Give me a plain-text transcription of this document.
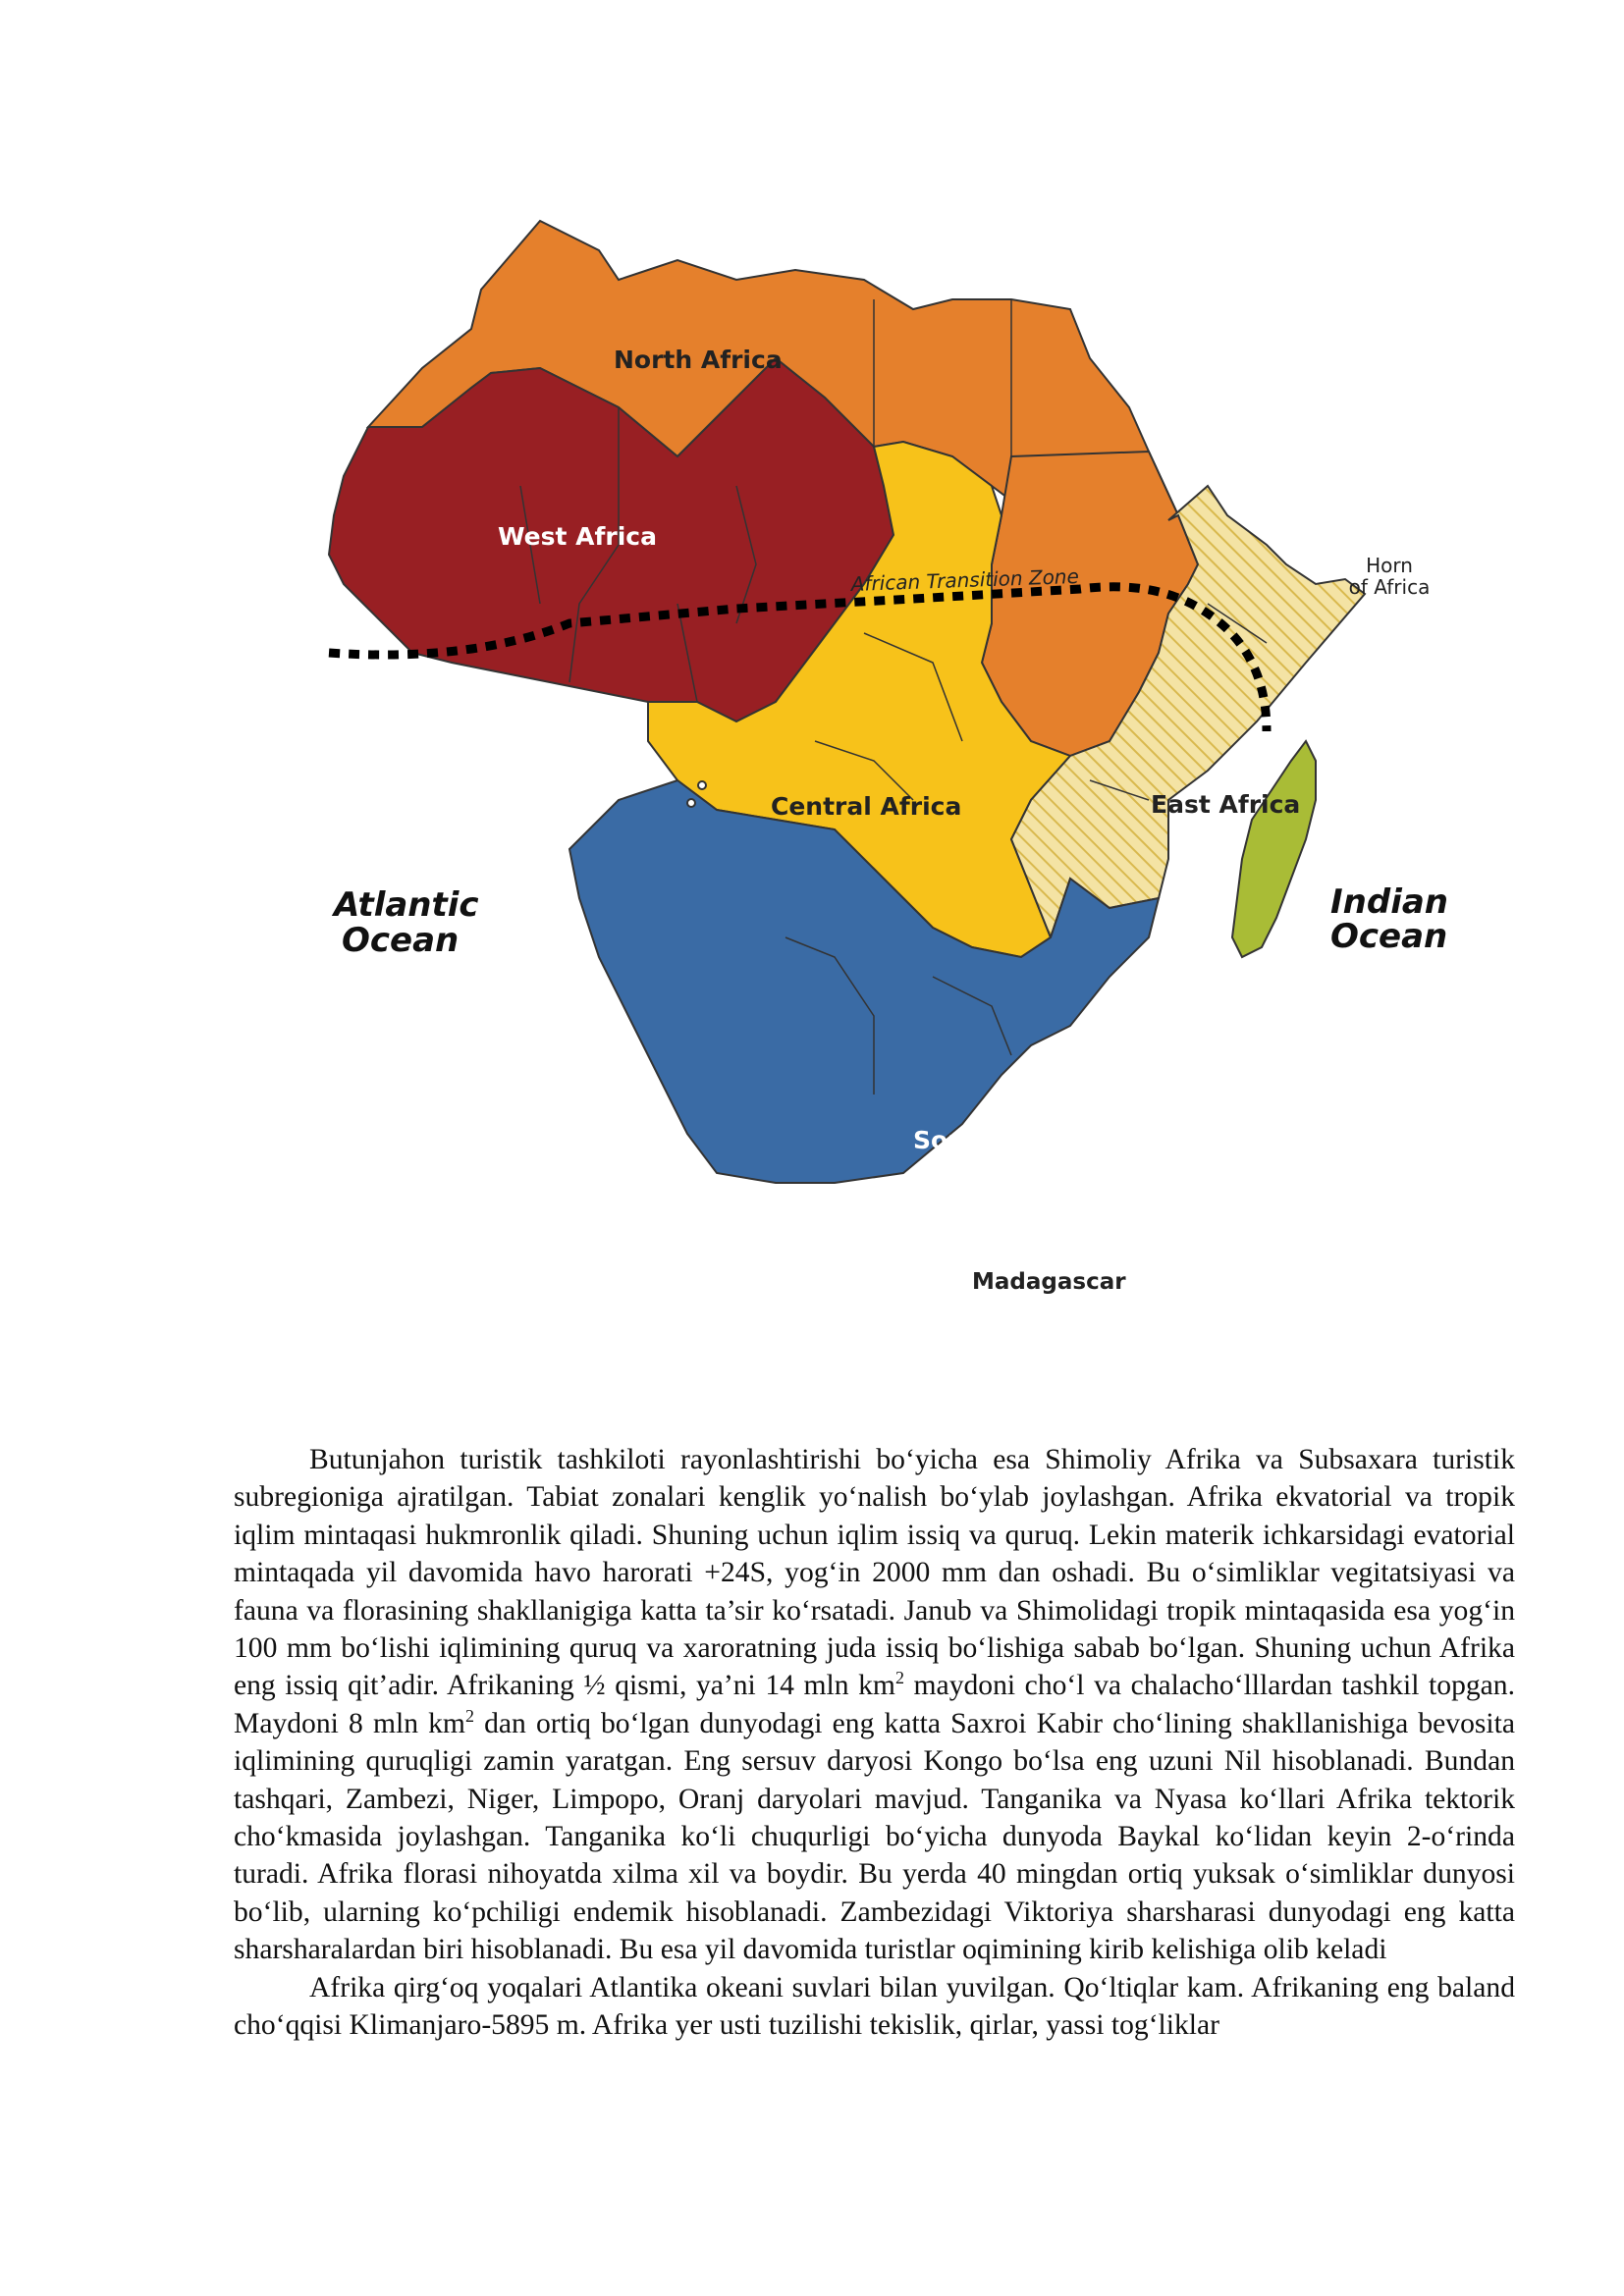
North Africa
West Africa
Central Africa	East Africa
Southern Africa
Madagascar
African Transition Zone	Horn
of Africa
Atlantic
Ocean
Indian
Ocean

Butunjahon turistik tashkiloti rayonlashtirishi bo‘yicha esa Shimoliy Afrika va Subsaxara turistik subregioniga ajratilgan. Tabiat zonalari kenglik yo‘nalish bo‘ylab joylashgan. Afrika ekvatorial va tropik iqlim mintaqasi hukmronlik qiladi. Shuning uchun iqlim issiq va quruq. Lekin materik ichkarsidagi evatorial mintaqada yil davomida havo harorati +24S, yog‘in 2000 mm dan oshadi. Bu o‘simliklar vegitatsiyasi va fauna va florasining shakllanigiga katta ta’sir ko‘rsatadi. Janub va Shimolidagi tropik mintaqasida esa yog‘in 100 mm bo‘lishi iqlimining quruq va xaroratning juda issiq bo‘lishiga sabab bo‘lgan. Shuning uchun Afrika eng issiq qit’adir. Afrikaning ½ qismi, ya’ni 14 mln $km^2$ maydoni cho‘l va chalacho‘lllardan tashkil topgan. Maydoni 8 mln $km^2$ dan ortiq bo‘lgan dunyodagi eng katta Saxroi Kabir cho‘lining shakllanishiga bevosita iqlimining quruqligi zamin yaratgan. Eng sersuv daryosi Kongo bo‘lsa eng uzuni Nil hisoblanadi. Bundan tashqari, Zambezi, Niger, Limpopo, Oranj daryolari mavjud. Tanganika va Nyasa ko‘llari Afrika tektorik cho‘kmasida joylashgan. Tanganika ko‘li chuqurligi bo‘yicha dunyoda Baykal ko‘lidan keyin 2-o‘rinda turadi. Afrika florasi nihoyatda xilma xil va boydir. Bu yerda 40 mingdan ortiq yuksak o‘simliklar dunyosi bo‘lib, ularning ko‘pchiligi endemik hisoblanadi. Zambezidagi Viktoriya sharsharasi dunyodagi eng katta sharsharalardan biri hisoblanadi. Bu esa yil davomida turistlar oqimining kirib kelishiga olib keladi

Afrika qirg‘oq yoqalari Atlantika okeani suvlari bilan yuvilgan. Qo‘ltiqlar kam. Afrikaning eng baland cho‘qqisi Klimanjaro-5895 m. Afrika yer usti tuzilishi tekislik, qirlar, yassi tog‘liklar
